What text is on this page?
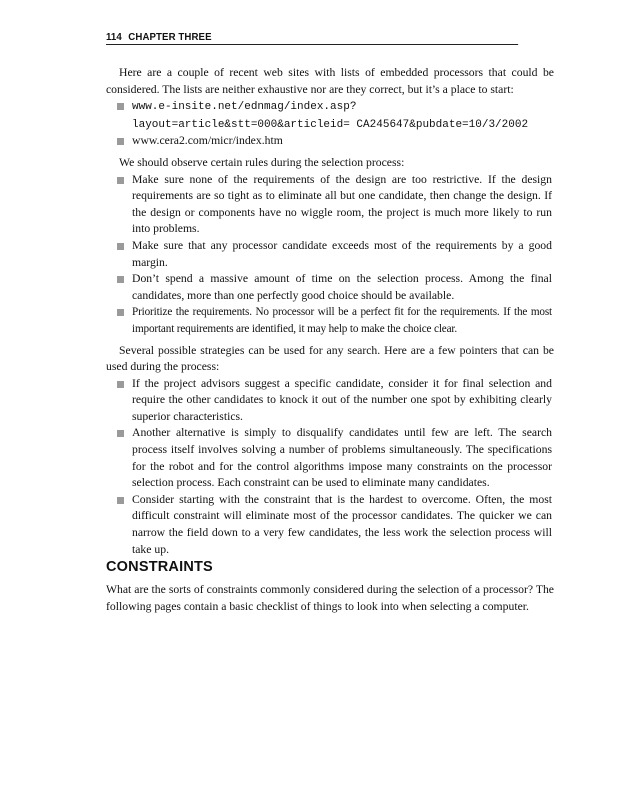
114 CHAPTER THREE

Here are a couple of recent web sites with lists of embedded processors that could be considered. The lists are neither exhaustive nor are they correct, but it’s a place to start:

www.e-insite.net/ednmag/index.asp?layout=article&stt=000&articleid= CA245647&pubdate=10/3/2002
www.cera2.com/micr/index.htm

We should observe certain rules during the selection process:

Make sure none of the requirements of the design are too restrictive. If the design requirements are so tight as to eliminate all but one candidate, then change the design. If the design or components have no wiggle room, the project is much more likely to run into problems.
Make sure that any processor candidate exceeds most of the requirements by a good margin.
Don’t spend a massive amount of time on the selection process. Among the final candidates, more than one perfectly good choice should be available.
Prioritize the requirements. No processor will be a perfect fit for the requirements. If the most important requirements are identified, it may help to make the choice clear.

Several possible strategies can be used for any search. Here are a few pointers that can be used during the process:

If the project advisors suggest a specific candidate, consider it for final selection and require the other candidates to knock it out of the number one spot by exhibiting clearly superior characteristics.
Another alternative is simply to disqualify candidates until few are left. The search process itself involves solving a number of problems simultaneously. The specifications for the robot and for the control algorithms impose many constraints on the processor selection process. Each constraint can be used to eliminate many candidates.
Consider starting with the constraint that is the hardest to overcome. Often, the most difficult constraint will eliminate most of the processor candidates. The quicker we can narrow the field down to a very few candidates, the less work the selection process will take up.
CONSTRAINTS

What are the sorts of constraints commonly considered during the selection of a processor? The following pages contain a basic checklist of things to look into when selecting a computer.
